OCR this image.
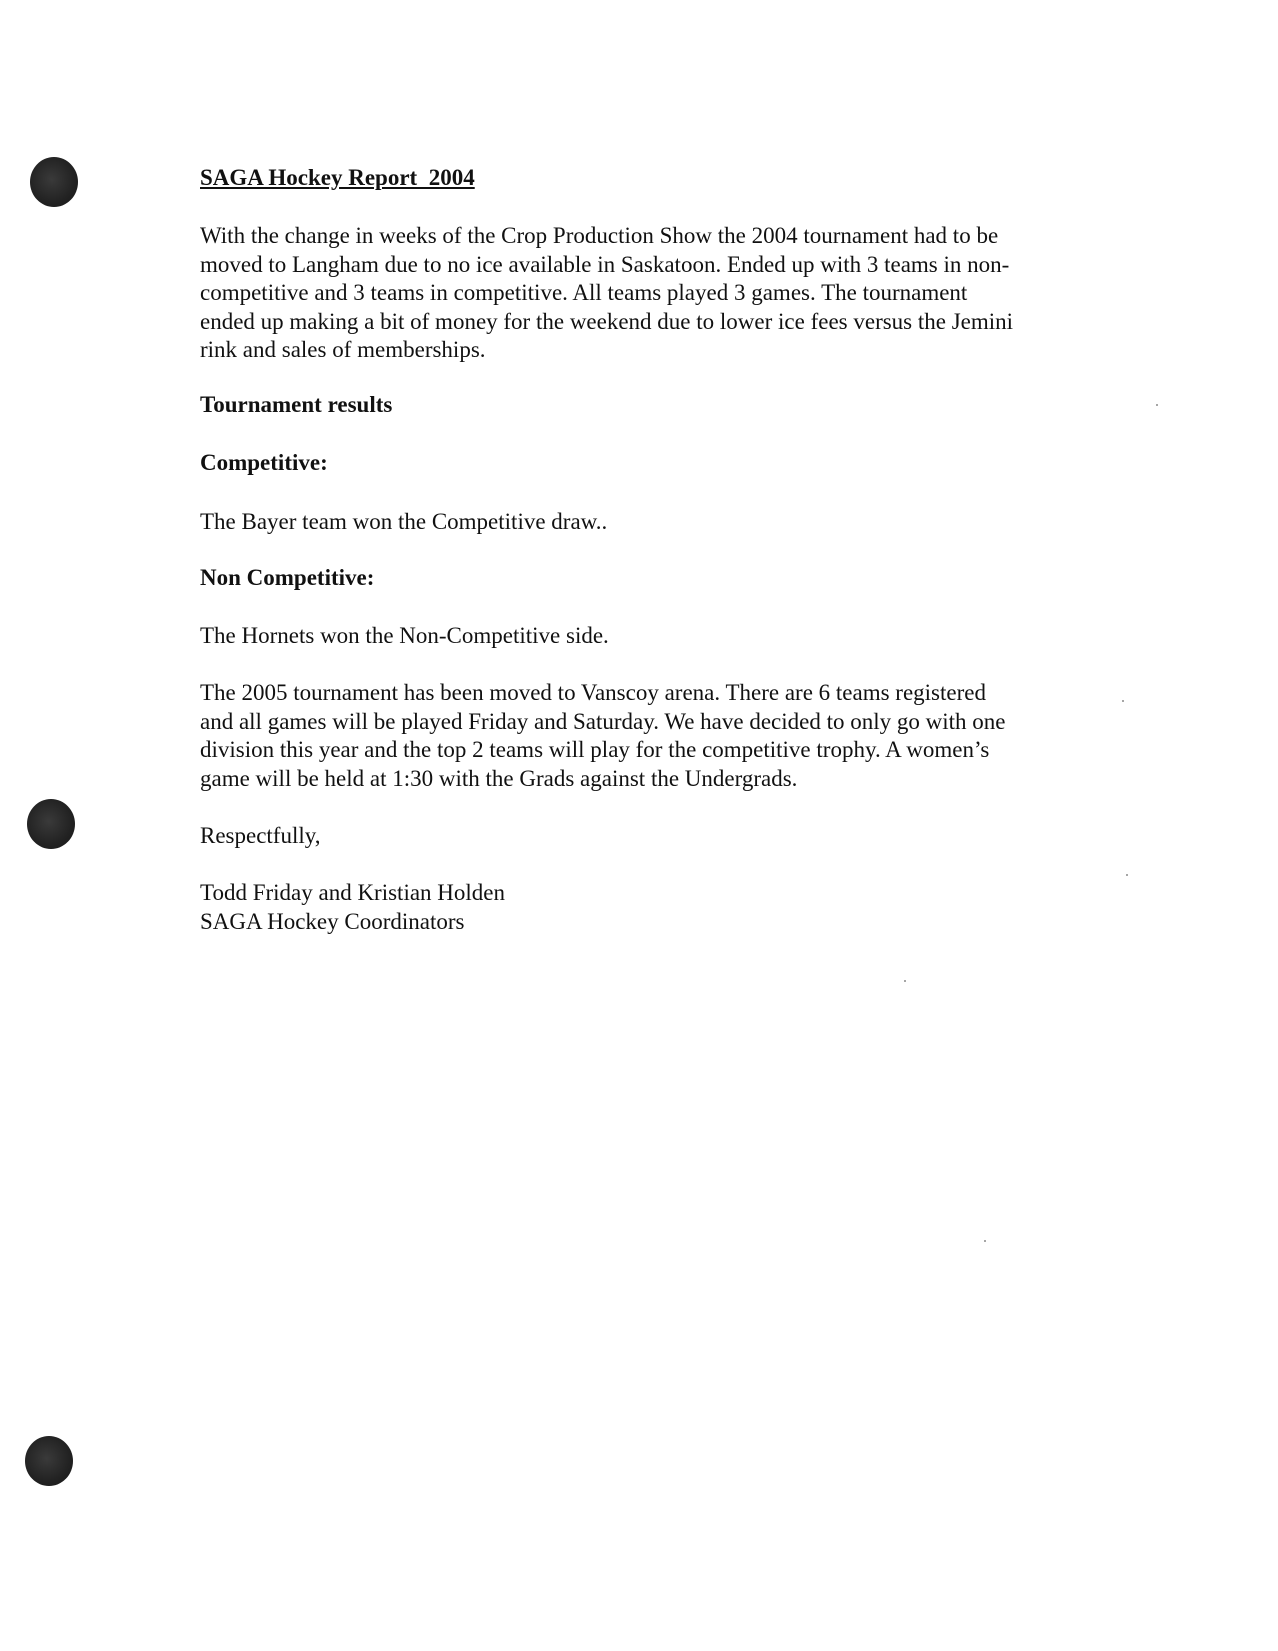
SAGA Hockey Report  2004

With the change in weeks of the Crop Production Show the 2004 tournament had to be
moved to Langham due to no ice available in Saskatoon. Ended up with 3 teams in non-
competitive and 3 teams in competitive. All teams played 3 games. The tournament
ended up making a bit of money for the weekend due to lower ice fees versus the Jemini
rink and sales of memberships.

Tournament results
Competitive:

The Bayer team won the Competitive draw..

Non Competitive:

The Hornets won the Non-Competitive side.

The 2005 tournament has been moved to Vanscoy arena. There are 6 teams registered
and all games will be played Friday and Saturday. We have decided to only go with one
division this year and the top 2 teams will play for the competitive trophy. A women’s
game will be held at 1:30 with the Grads against the Undergrads.

Respectfully,

Todd Friday and Kristian Holden
SAGA Hockey Coordinators
